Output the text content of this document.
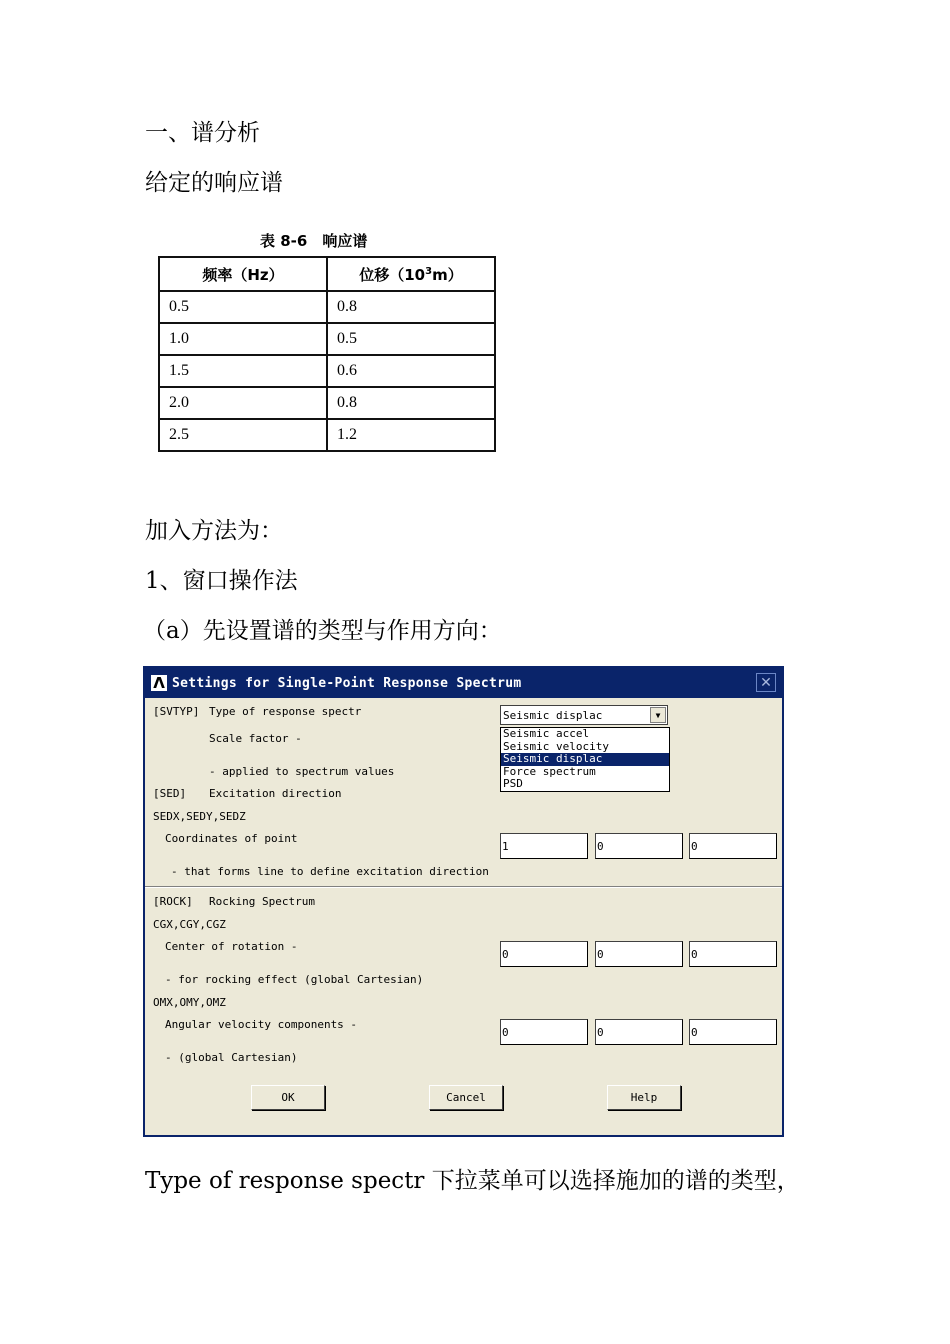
一、谱分析
给定的响应谱
表 8-6　响应谱
频率（Hz）	位移$(10^3m)$
0.5	0.8
1.0	0.5
1.5	0.6
2.0	0.8
2.5	1.2
加入方法为：
1、窗口操作法
（a）先设置谱的类型与作用方向：
Λ Settings for Single-Point Response Spectrum	✕
[SVTYP] Type of response spectr
Scale factor -
- applied to spectrum values
[SED] Excitation direction
SEDX,SEDY,SEDZ
Coordinates of point
- that forms line to define excitation direction
Seismic displac	▼
Seismic accel
Seismic velocity
Seismic displac
Force spectrum
PSD
1
0
0
[ROCK] Rocking Spectrum
CGX,CGY,CGZ
Center of rotation -
- for rocking effect (global Cartesian)
0
0
0
OMX,OMY,OMZ
Angular velocity components -
- (global Cartesian)
0
0
0
OK	Cancel	Help
Type of response spectr 下拉菜单可以选择施加的谱的类型，
